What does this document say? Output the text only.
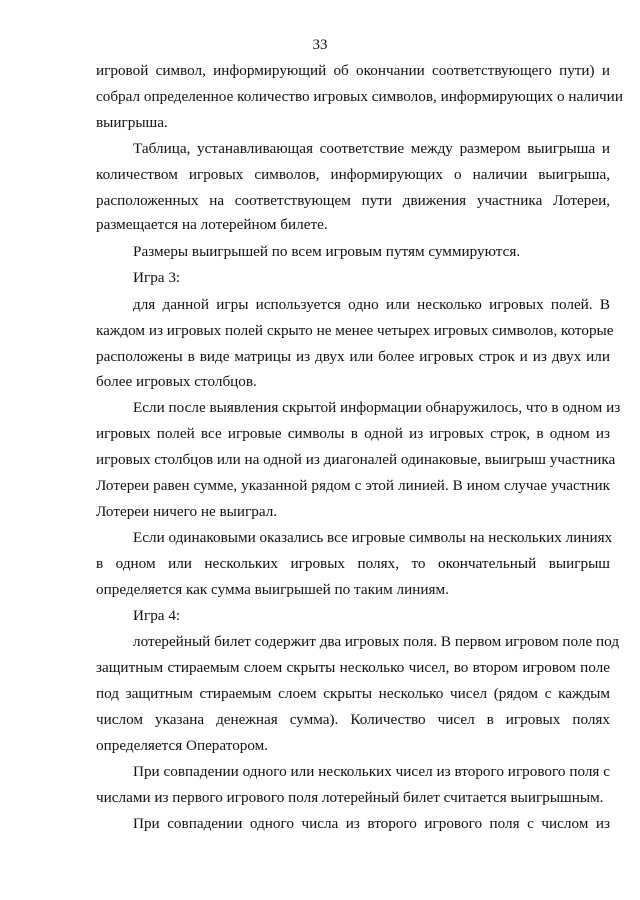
33
игровой символ, информирующий об окончании соответствующего пути) и
собрал определенное количество игровых символов, информирующих о наличии
выигрыша.
Таблица, устанавливающая соответствие между размером выигрыша и
количеством игровых символов, информирующих о наличии выигрыша,
расположенных на соответствующем пути движения участника Лотереи,
размещается на лотерейном билете.
Размеры выигрышей по всем игровым путям суммируются.
Игра 3:
для данной игры используется одно или несколько игровых полей. В
каждом из игровых полей скрыто не менее четырех игровых символов, которые
расположены в виде матрицы из двух или более игровых строк и из двух или
более игровых столбцов.
Если после выявления скрытой информации обнаружилось, что в одном из
игровых полей все игровые символы в одной из игровых строк, в одном из
игровых столбцов или на одной из диагоналей одинаковые, выигрыш участника
Лотереи равен сумме, указанной рядом с этой линией. В ином случае участник
Лотереи ничего не выиграл.
Если одинаковыми оказались все игровые символы на нескольких линиях
в одном или нескольких игровых полях, то окончательный выигрыш
определяется как сумма выигрышей по таким линиям.
Игра 4:
лотерейный билет содержит два игровых поля. В первом игровом поле под
защитным стираемым слоем скрыты несколько чисел, во втором игровом поле
под защитным стираемым слоем скрыты несколько чисел (рядом с каждым
числом указана денежная сумма). Количество чисел в игровых полях
определяется Оператором.
При совпадении одного или нескольких чисел из второго игрового поля с
числами из первого игрового поля лотерейный билет считается выигрышным.
При совпадении одного числа из второго игрового поля с числом из
